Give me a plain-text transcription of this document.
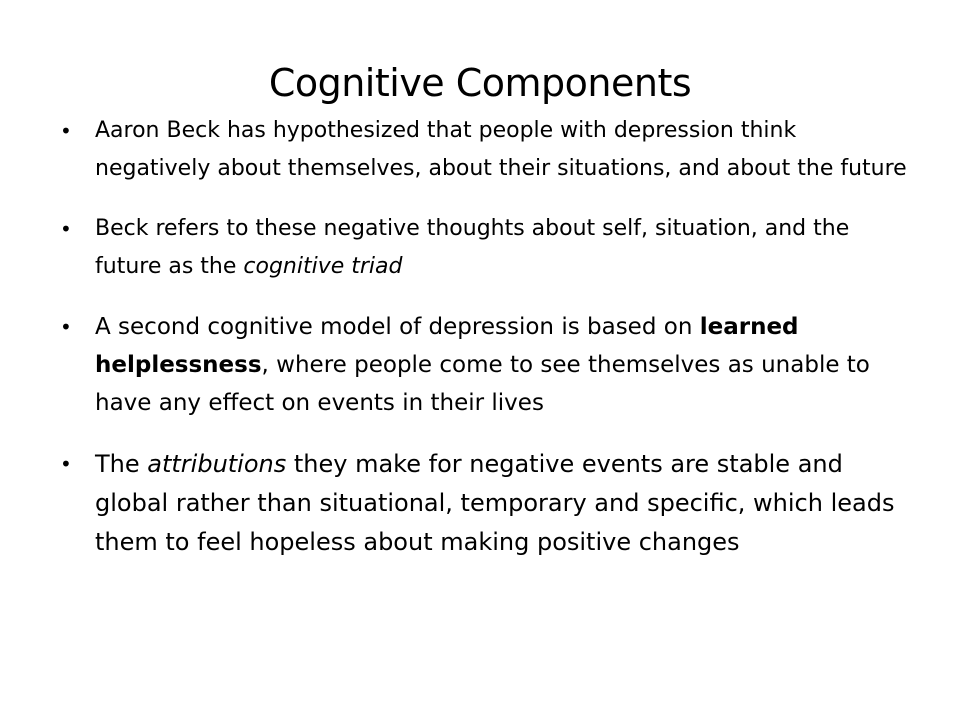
Cognitive Components
• Aaron Beck has hypothesized that people with depression think negatively about themselves, about their situations, and about the future
• Beck refers to these negative thoughts about self, situation, and the future as the cognitive triad
• A second cognitive model of depression is based on learned helplessness, where people come to see themselves as unable to have any effect on events in their lives
• The attributions they make for negative events are stable and global rather than situational, temporary and specific, which leads them to feel hopeless about making positive changes
